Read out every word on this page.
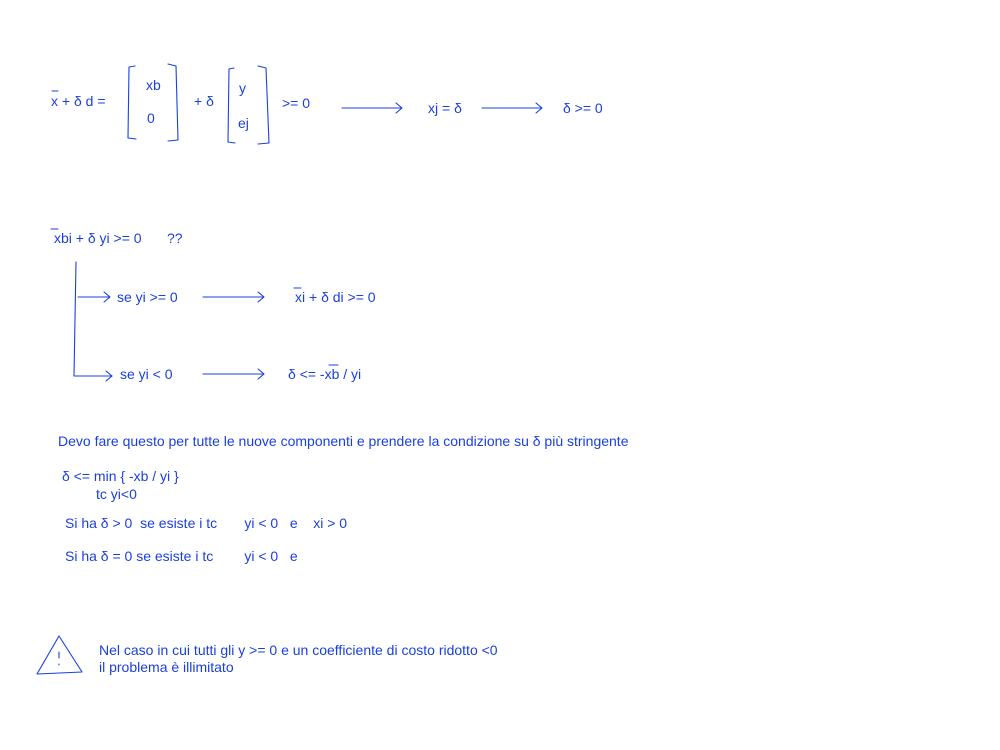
x + δ d =
xb
0
+ δ
y
ej
>= 0	xj = δ	δ >= 0
xbi + δ yi >= 0 ??
se yi >= 0	xi + δ di >= 0
se yi < 0	δ <= -xb / yi
Devo fare questo per tutte le nuove componenti e prendere la condizione su δ più stringente
δ <= min { -xb / yi }
tc yi<0
Si ha δ > 0  se esiste i tc       yi < 0   e    xi > 0
Si ha δ = 0 se esiste i tc        yi < 0   e
Nel caso in cui tutti gli y >= 0 e un coefficiente di costo ridotto <0
il problema è illimitato
